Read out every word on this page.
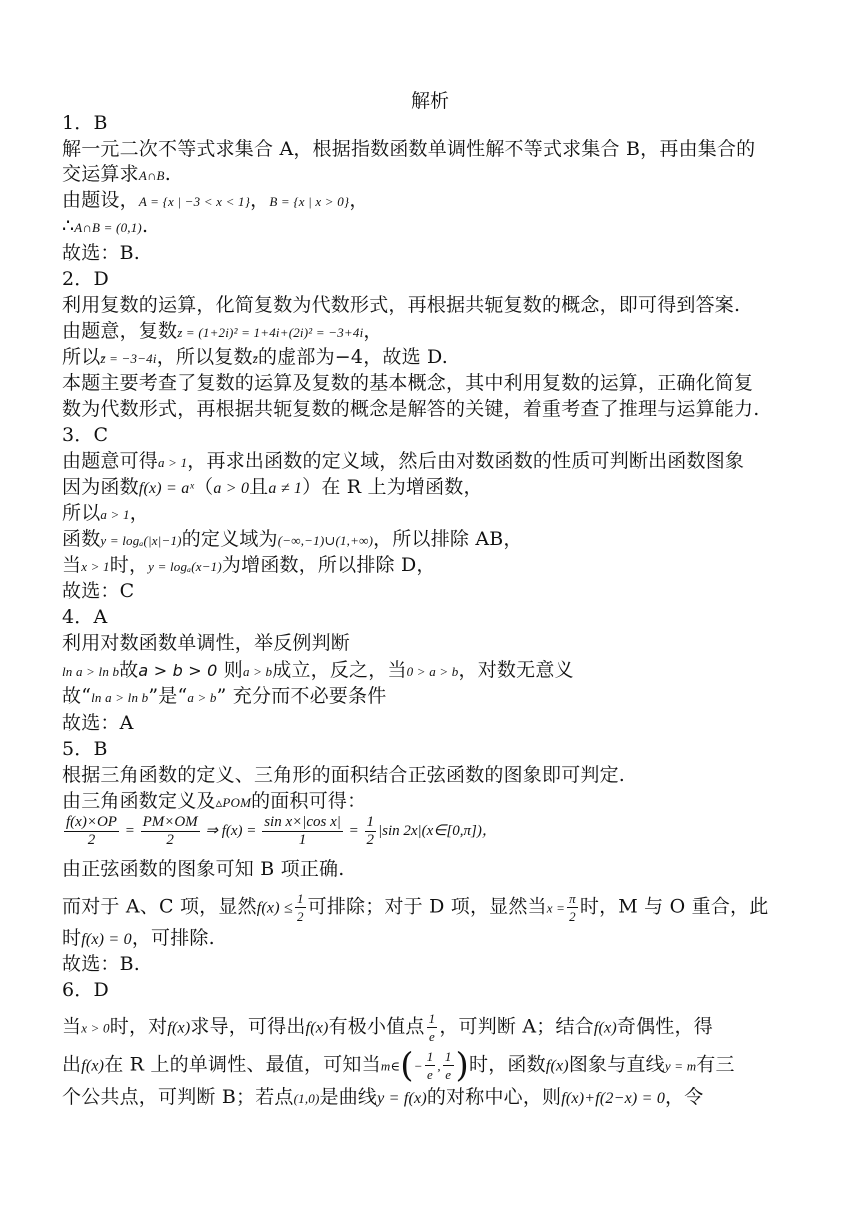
解析
1．B
解一元二次不等式求集合 A，根据指数函数单调性解不等式求集合 B，再由集合的
交运算求A∩B.
由题设，A = {x | −3 < x < 1}，B = {x | x > 0}，
∴A∩B = (0,1).
故选：B.
2．D
利用复数的运算，化简复数为代数形式，再根据共轭复数的概念，即可得到答案.
由题意，复数z = (1+2i)² = 1+4i+(2i)² = −3+4i，
所以z̄ = −3−4i，所以复数z̄的虚部为−4，故选 D.
本题主要考查了复数的运算及复数的基本概念，其中利用复数的运算，正确化简复
数为代数形式，再根据共轭复数的概念是解答的关键，着重考查了推理与运算能力.
3．C
由题意可得a > 1，再求出函数的定义域，然后由对数函数的性质可判断出函数图象
因为函数f(x) = aˣ（a > 0且a ≠ 1）在 R 上为增函数，
所以a > 1，
函数y = logₐ(|x|−1)的定义域为(−∞,−1)∪(1,+∞)，所以排除 AB，
当x > 1时，y = logₐ(x−1)为增函数，所以排除 D，
故选：C
4．A
利用对数函数单调性，举反例判断
ln a > ln b故a > b > 0 则a > b成立，反之，当0 > a > b，对数无意义
故“ln a > ln b”是“a > b” 充分而不必要条件
故选：A
5．B
根据三角函数的定义、三角形的面积结合正弦函数的图象即可判定.
由三角函数定义及▵POM的面积可得：
$\frac{f(x)\times OP}{2} = \frac{PM\times OM}{2}$ ⇒ $f(x) = \frac{\text{sin x×|cos x|}}{1} = \frac{1}{2} |\sin$ 2x|(x∈[0,π])，
由正弦函数的图象可知 B 项正确.
而对于 A、C 项，显然$f(x) \le \frac{1}{2}$ 可排除；对于 D 项，显然当$x = \frac{\pi}{2}$ 时，M 与 O 重合，此
时f(x) = 0，可排除.
故选：B.
6．D
当x > 0时，对f(x)求导，可得出f(x)有极小值点 $\frac{1}{e}$ ，可判断 A；结合f(x)奇偶性，得
出f(x)在 R 上的单调性、最值，可知当m∈(− $\frac{1}{e}$ , $\frac{1}{e}$ )时，函数f(x)图象与直线y = m有三
个公共点，可判断 B；若点(1,0)是曲线y = f(x)的对称中心，则f(x)+f(2−x) = 0，令
